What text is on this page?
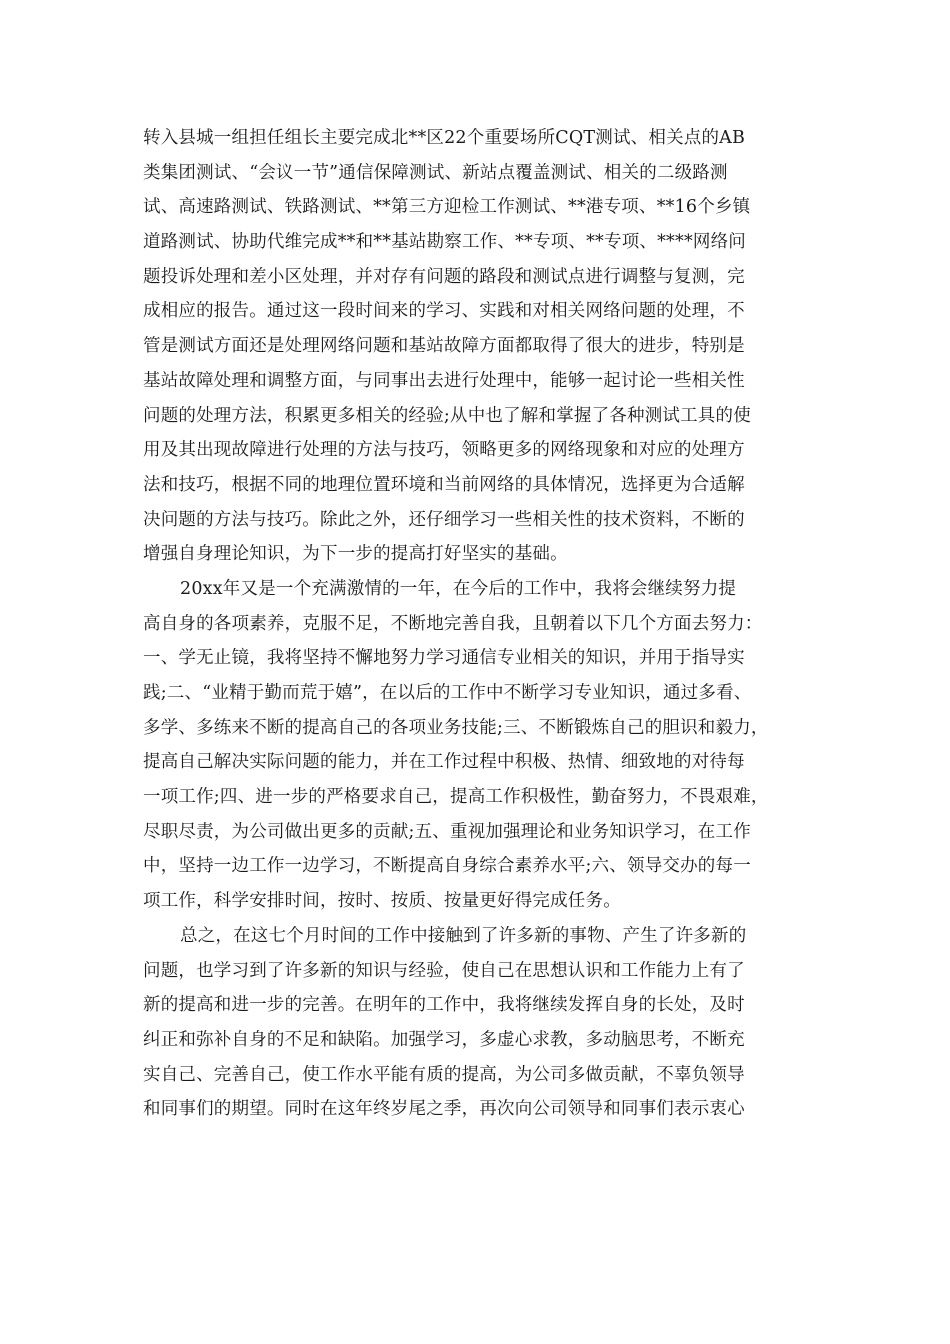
转入县城一组担任组长主要完成北**区22个重要场所CQT测试、相关点的AB
类集团测试、“会议一节”通信保障测试、新站点覆盖测试、相关的二级路测
试、高速路测试、铁路测试、**第三方迎检工作测试、**港专项、**16个乡镇
道路测试、协助代维完成**和**基站勘察工作、**专项、**专项、****网络问
题投诉处理和差小区处理，并对存有问题的路段和测试点进行调整与复测，完
成相应的报告。通过这一段时间来的学习、实践和对相关网络问题的处理，不
管是测试方面还是处理网络问题和基站故障方面都取得了很大的进步，特别是
基站故障处理和调整方面，与同事出去进行处理中，能够一起讨论一些相关性
问题的处理方法，积累更多相关的经验;从中也了解和掌握了各种测试工具的使
用及其出现故障进行处理的方法与技巧，领略更多的网络现象和对应的处理方
法和技巧，根据不同的地理位置环境和当前网络的具体情况，选择更为合适解
决问题的方法与技巧。除此之外，还仔细学习一些相关性的技术资料，不断的
增强自身理论知识，为下一步的提高打好坚实的基础。
20xx年又是一个充满激情的一年，在今后的工作中，我将会继续努力提
高自身的各项素养，克服不足，不断地完善自我，且朝着以下几个方面去努力：
一、学无止镜，我将坚持不懈地努力学习通信专业相关的知识，并用于指导实
践;二、“业精于勤而荒于嬉”，在以后的工作中不断学习专业知识，通过多看、
多学、多练来不断的提高自己的各项业务技能;三、不断锻炼自己的胆识和毅力，
提高自己解决实际问题的能力，并在工作过程中积极、热情、细致地的对待每
一项工作;四、进一步的严格要求自己，提高工作积极性，勤奋努力，不畏艰难，
尽职尽责，为公司做出更多的贡献;五、重视加强理论和业务知识学习，在工作
中，坚持一边工作一边学习，不断提高自身综合素养水平;六、领导交办的每一
项工作，科学安排时间，按时、按质、按量更好得完成任务。
总之，在这七个月时间的工作中接触到了许多新的事物、产生了许多新的
问题，也学习到了许多新的知识与经验，使自己在思想认识和工作能力上有了
新的提高和进一步的完善。在明年的工作中，我将继续发挥自身的长处，及时
纠正和弥补自身的不足和缺陷。加强学习，多虚心求教，多动脑思考，不断充
实自己、完善自己，使工作水平能有质的提高，为公司多做贡献，不辜负领导
和同事们的期望。同时在这年终岁尾之季，再次向公司领导和同事们表示衷心
